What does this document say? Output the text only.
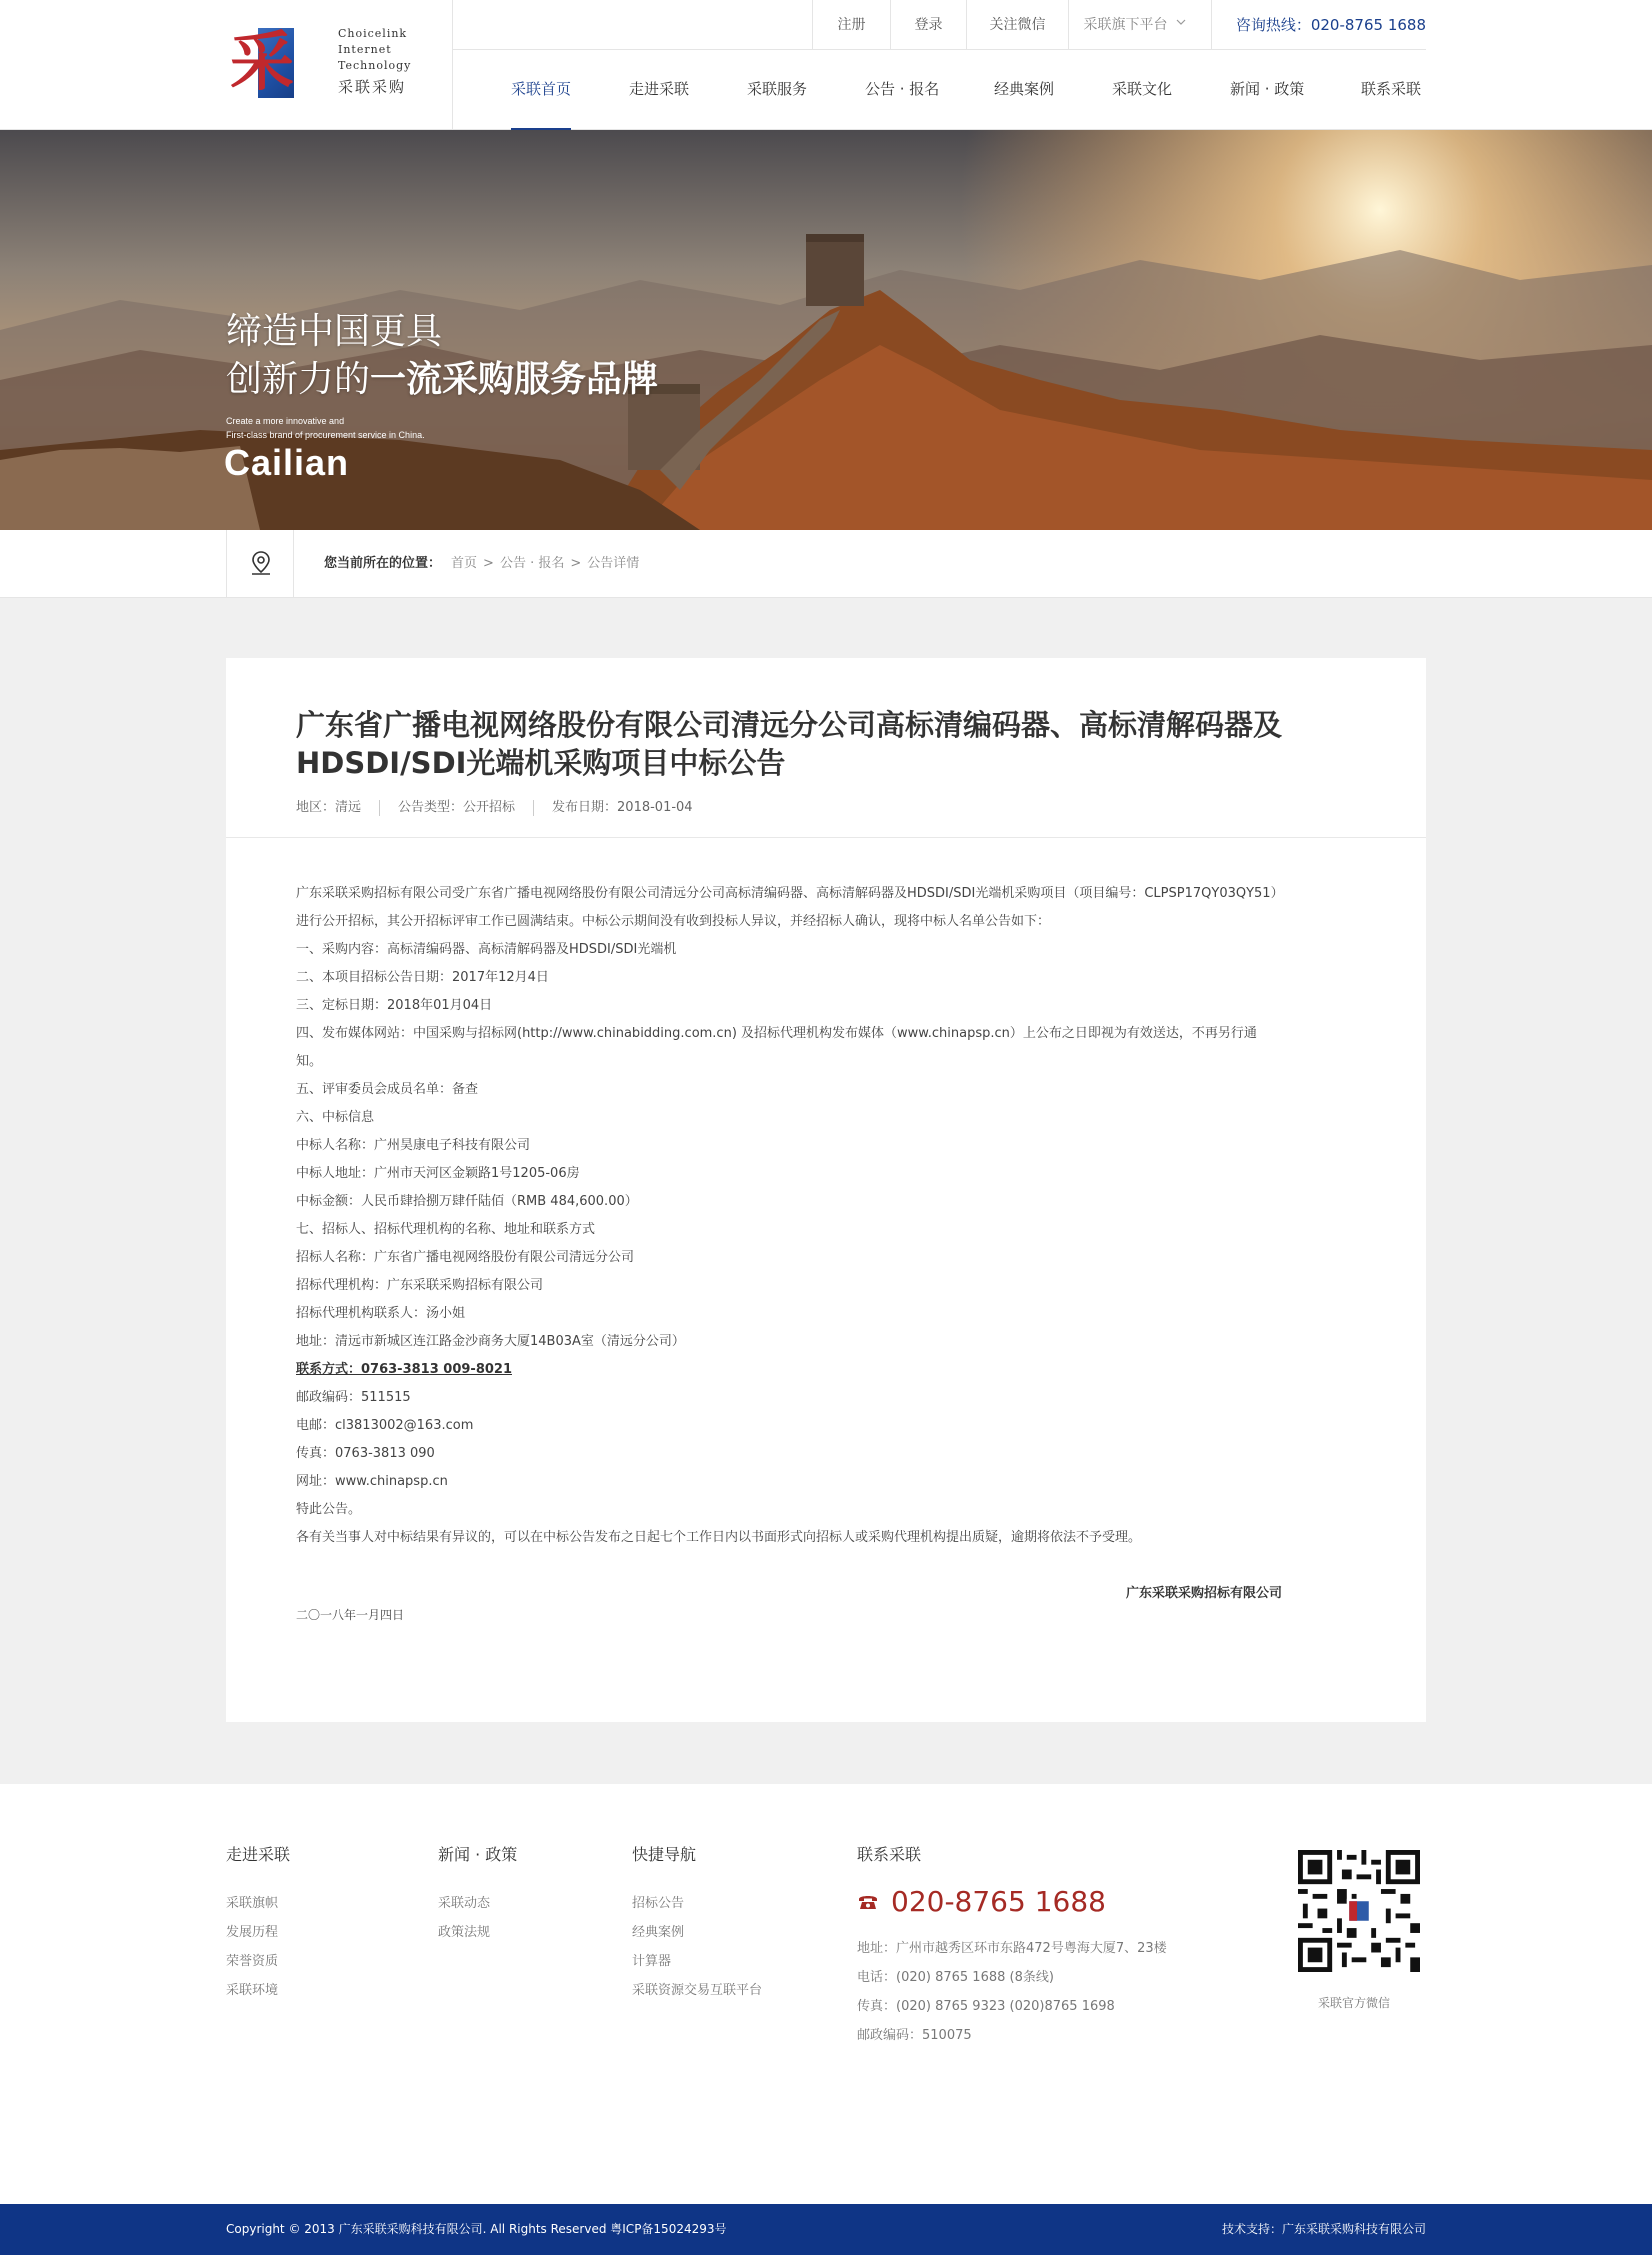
采	Choicelink
Internet
Technology
采联采购
注册	登录	关注微信	采联旗下平台	咨询热线：020-8765 1688
采联首页	走进采联	采联服务	公告 · 报名	经典案例	采联文化	新闻 · 政策	联系采联
缔造中国更具
创新力的一流采购服务品牌
Create a more innovative and
First-class brand of procurement service in China.
Cailian
您当前所在的位置： 首页 > 公告 · 报名 > 公告详情
广东省广播电视网络股份有限公司清远分公司高标清编码器、高标清解码器及HDSDI/SDI光端机采购项目中标公告
地区：清远	公告类型：公开招标	发布日期：2018-01-04

广东采联采购招标有限公司受广东省广播电视网络股份有限公司清远分公司高标清编码器、高标清解码器及HDSDI/SDI光端机采购项目（项目编号：CLPSP17QY03QY51）进行公开招标，其公开招标评审工作已圆满结束。中标公示期间没有收到投标人异议，并经招标人确认，现将中标人名单公告如下：

一、采购内容：高标清编码器、高标清解码器及HDSDI/SDI光端机

二、本项目招标公告日期：2017年12月4日

三、定标日期：2018年01月04日

四、发布媒体网站：中国采购与招标网(http://www.chinabidding.com.cn) 及招标代理机构发布媒体（www.chinapsp.cn）上公布之日即视为有效送达，不再另行通知。

五、评审委员会成员名单：备查

六、中标信息

中标人名称：广州昊康电子科技有限公司

中标人地址：广州市天河区金颖路1号1205-06房

中标金额：人民币肆拾捌万肆仟陆佰（RMB 484,600.00）

七、招标人、招标代理机构的名称、地址和联系方式

招标人名称：广东省广播电视网络股份有限公司清远分公司

招标代理机构：广东采联采购招标有限公司

招标代理机构联系人：汤小姐

地址：清远市新城区连江路金沙商务大厦14B03A室（清远分公司）

联系方式：0763-3813 009-8021

邮政编码：511515

电邮：cl3813002@163.com

传真：0763-3813 090

网址：www.chinapsp.cn

特此公告。

各有关当事人对中标结果有异议的，可以在中标公告发布之日起七个工作日内以书面形式向招标人或采购代理机构提出质疑，逾期将依法不予受理。

广东采联采购招标有限公司
二〇一八年一月四日
走进采联
采联旗帜
发展历程
荣誉资质
采联环境
新闻 · 政策
采联动态
政策法规
快捷导航
招标公告
经典案例
计算器
采联资源交易互联平台
联系采联
020-8765 1688
地址：广州市越秀区环市东路472号粤海大厦7、23楼
电话：(020) 8765 1688 (8条线)
传真：(020) 8765 9323 (020)8765 1698
邮政编码：510075
采联官方微信
Copyright © 2013 广东采联采购科技有限公司. All Rights Reserved 粤ICP备15024293号	技术支持：广东采联采购科技有限公司
